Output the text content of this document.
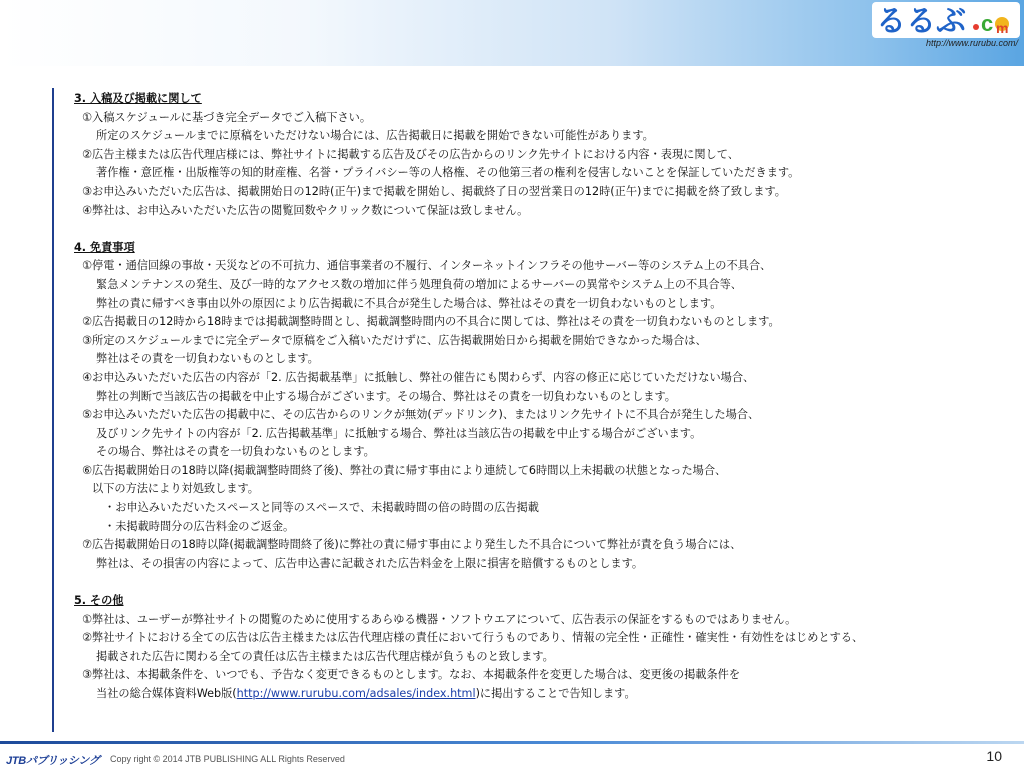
るるぶ c m
http://www.rurubu.com/
3. 入稿及び掲載に関して
①入稿スケジュールに基づき完全データでご入稿下さい。
所定のスケジュールまでに原稿をいただけない場合には、広告掲載日に掲載を開始できない可能性があります。
②広告主様または広告代理店様には、弊社サイトに掲載する広告及びその広告からのリンク先サイトにおける内容・表現に関して、
著作権・意匠権・出版権等の知的財産権、名誉・プライバシー等の人格権、その他第三者の権利を侵害しないことを保証していただきます。
③お申込みいただいた広告は、掲載開始日の12時(正午)まで掲載を開始し、掲載終了日の翌営業日の12時(正午)までに掲載を終了致します。
④弊社は、お申込みいただいた広告の閲覧回数やクリック数について保証は致しません。
4. 免責事項
①停電・通信回線の事故・天災などの不可抗力、通信事業者の不履行、インターネットインフラその他サーバー等のシステム上の不具合、
緊急メンテナンスの発生、及び一時的なアクセス数の増加に伴う処理負荷の増加によるサーバーの異常やシステム上の不具合等、
弊社の責に帰すべき事由以外の原因により広告掲載に不具合が発生した場合は、弊社はその責を一切負わないものとします。
②広告掲載日の12時から18時までは掲載調整時間とし、掲載調整時間内の不具合に関しては、弊社はその責を一切負わないものとします。
③所定のスケジュールまでに完全データで原稿をご入稿いただけずに、広告掲載開始日から掲載を開始できなかった場合は、
弊社はその責を一切負わないものとします。
④お申込みいただいた広告の内容が「2. 広告掲載基準」に抵触し、弊社の催告にも関わらず、内容の修正に応じていただけない場合、
弊社の判断で当該広告の掲載を中止する場合がございます。その場合、弊社はその責を一切負わないものとします。
⑤お申込みいただいた広告の掲載中に、その広告からのリンクが無効(デッドリンク)、またはリンク先サイトに不具合が発生した場合、
及びリンク先サイトの内容が「2. 広告掲載基準」に抵触する場合、弊社は当該広告の掲載を中止する場合がございます。
その場合、弊社はその責を一切負わないものとします。
⑥広告掲載開始日の18時以降(掲載調整時間終了後)、弊社の責に帰す事由により連続して6時間以上未掲載の状態となった場合、
以下の方法により対処致します。
・お申込みいただいたスペースと同等のスペースで、未掲載時間の倍の時間の広告掲載
・未掲載時間分の広告料金のご返金。
⑦広告掲載開始日の18時以降(掲載調整時間終了後)に弊社の責に帰す事由により発生した不具合について弊社が責を負う場合には、
弊社は、その損害の内容によって、広告申込書に記載された広告料金を上限に損害を賠償するものとします。
5. その他
①弊社は、ユーザーが弊社サイトの閲覧のために使用するあらゆる機器・ソフトウエアについて、広告表示の保証をするものではありません。
②弊社サイトにおける全ての広告は広告主様または広告代理店様の責任において行うものであり、情報の完全性・正確性・確実性・有効性をはじめとする、
掲載された広告に関わる全ての責任は広告主様または広告代理店様が負うものと致します。
③弊社は、本掲載条件を、いつでも、予告なく変更できるものとします。なお、本掲載条件を変更した場合は、変更後の掲載条件を
当社の総合媒体資料Web版(http://www.rurubu.com/adsales/index.html)に掲出することで告知します。
JTBパブリッシング Copy right © 2014 JTB PUBLISHING ALL Rights Reserved	10
